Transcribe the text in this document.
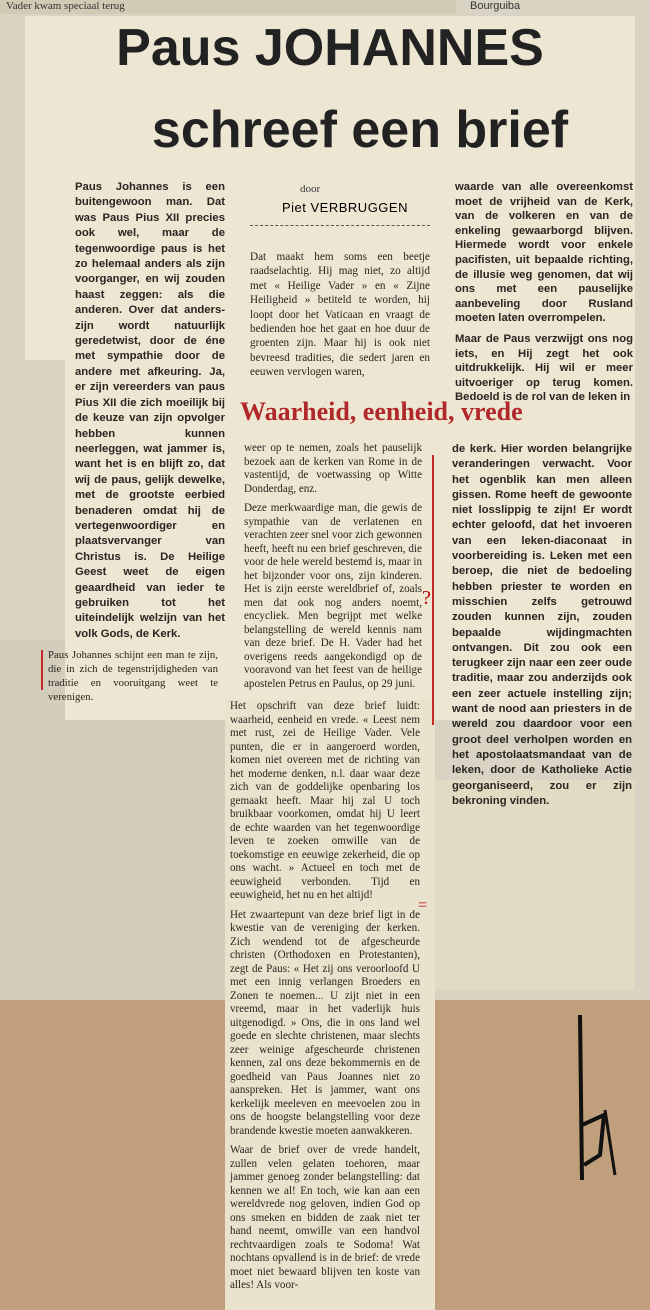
Vader kwam speciaal terug	Bourguiba
Paus JOHANNES
schreef een brief
Paus Johannes is een buitengewoon man. Dat was Paus Pius XII precies ook wel, maar de tegenwoordige paus is het zo helemaal anders als zijn voorganger, en wij zouden haast zeggen: als die anderen. Over dat anders-zijn wordt natuurlijk geredetwist, door de éne met sympathie door de andere met afkeuring. Ja, er zijn vereerders van paus Pius XII die zich moeilijk bij de keuze van zijn opvolger hebben kunnen neerleggen, wat jammer is, want het is en blijft zo, dat wij de paus, gelijk dewelke, met de grootste eerbied benaderen omdat hij de vertegenwoordiger en plaatsvervanger van Christus is. De Heilige Geest weet de eigen geaardheid van ieder te gebruiken tot het uiteindelijk welzijn van het volk Gods, de Kerk.
Paus Johannes schijnt een man te zijn, die in zich de tegenstrijdigheden van traditie en vooruitgang weet te verenigen.
door
Piet VERBRUGGEN
Dat maakt hem soms een beetje raadselachtig. Hij mag niet, zo altijd met « Heilige Vader » en « Zijne Heiligheid » betiteld te worden, hij loopt door het Vaticaan en vraagt de bedienden hoe het gaat en hoe duur de groenten zijn. Maar hij is ook niet bevreesd tradities, die sedert jaren en eeuwen vervlogen waren,

waarde van alle overeenkomst moet de vrijheid van de Kerk, van de volkeren en van de enkeling gewaarborgd blijven. Hiermede wordt voor enkele pacifisten, uit bepaalde richting, de illusie weg genomen, dat wij ons met een pauselijke aanbeveling door Rusland moeten laten overrompelen.

Maar de Paus verzwijgt ons nog iets, en Hij zegt het ook uitdrukkelijk. Hij wil er meer uitvoeriger op terug komen. Bedoeld is de rol van de leken in

Waarheid, eenheid, vrede

weer op te nemen, zoals het pauselijk bezoek aan de kerken van Rome in de vastentijd, de voetwassing op Witte Donderdag, enz.

Deze merkwaardige man, die gewis de sympathie van de verlatenen en verachten zeer snel voor zich gewonnen heeft, heeft nu een brief geschreven, die voor de hele wereld bestemd is, maar in het bijzonder voor ons, zijn kinderen. Het is zijn eerste wereldbrief of, zoals men dat ook nog anders noemt, encycliek. Men begrijpt met welke belangstelling de wereld kennis nam van deze brief. De H. Vader had het overigens reeds aangekondigd op de vooravond van het feest van de heilige apostelen Petrus en Paulus, op 29 juni.

?
de kerk. Hier worden belangrijke veranderingen verwacht. Voor het ogenblik kan men alleen gissen. Rome heeft de gewoonte niet losslippig te zijn! Er wordt echter geloofd, dat het invoeren van een leken-diaconaat in voorbereiding is. Leken met een beroep, die niet de bedoeling hebben priester te worden en misschien zelfs getrouwd zouden kunnen zijn, zouden bepaalde wijdingmachten ontvangen. Dit zou ook een terugkeer zijn naar een zeer oude traditie, maar zou anderzijds ook een zeer actuele instelling zijn; want de nood aan priesters in de wereld zou daardoor voor een groot deel verholpen worden en het apostolaatsmandaat van de leken, door de Katholieke Actie georganiseerd, zou er zijn bekroning vinden.

Het opschrift van deze brief luidt: waarheid, eenheid en vrede. « Leest nem met rust, zei de Heilige Vader. Vele punten, die er in aangeroerd worden, komen niet overeen met de richting van het moderne denken, n.l. daar waar deze zich van de goddelijke openbaring los gemaakt heeft. Maar hij zal U toch bruikbaar voorkomen, omdat hij U leert de echte waarden van het tegenwoordige leven te zoeken omwille van de toekomstige en eeuwige zekerheid, die op ons wacht. » Actueel en toch met de eeuwigheid verbonden. Tijd en eeuwigheid, het nu en het altijd!

Het zwaartepunt van deze brief ligt in de kwestie van de vereniging der kerken. Zich wendend tot de afgescheurde christen (Orthodoxen en Protestanten), zegt de Paus: « Het zij ons veroorloofd U met een innig verlangen Broeders en Zonen te noemen... U zijt niet in een vreemd, maar in het vaderlijk huis uitgenodigd. » Ons, die in ons land wel goede en slechte christenen, maar slechts zeer weinige afgescheurde christenen kennen, zal ons deze bekommernis en de goedheid van Paus Joannes niet zo aanspreken. Het is jammer, want ons kerkelijk meeleven en meevoelen zou in ons de hoogste belangstelling voor deze brandende kwestie moeten aanwakkeren.

Waar de brief over de vrede handelt, zullen velen gelaten toehoren, maar jammer genoeg zonder belangstelling: dat kennen we al! En toch, wie kan aan een wereldvrede nog geloven, indien God op ons smeken en bidden de zaak niet ter hand neemt, omwille van een handvol rechtvaardigen zoals te Sodoma! Wat nochtans opvallend is in de brief: de vrede moet niet bewaard blijven ten koste van alles! Als voor-

=
